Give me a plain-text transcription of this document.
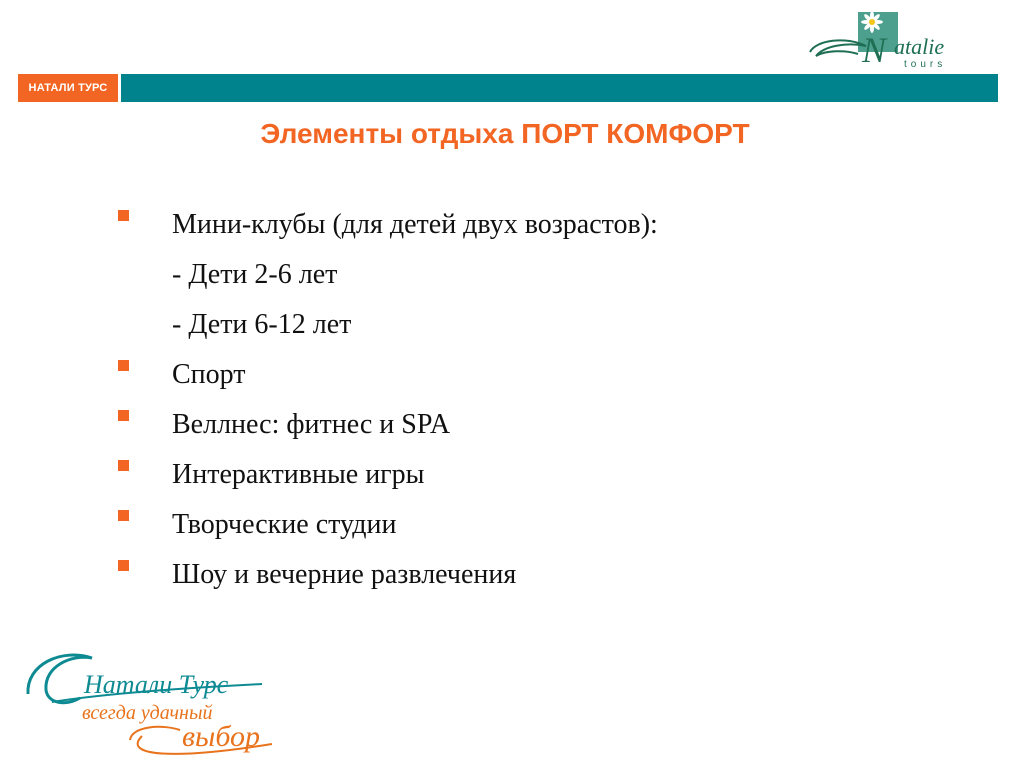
N atalie
tours
НАТАЛИ ТУРС
Элементы отдыха ПОРТ КОМФОРТ
Мини-клубы (для детей двух возрастов):
- Дети 2-6 лет
- Дети 6-12 лет
Спорт
Веллнес: фитнес и SPA
Интерактивные игры
Творческие студии
Шоу и вечерние развлечения
Натали Турс
всегда удачный
выбор
